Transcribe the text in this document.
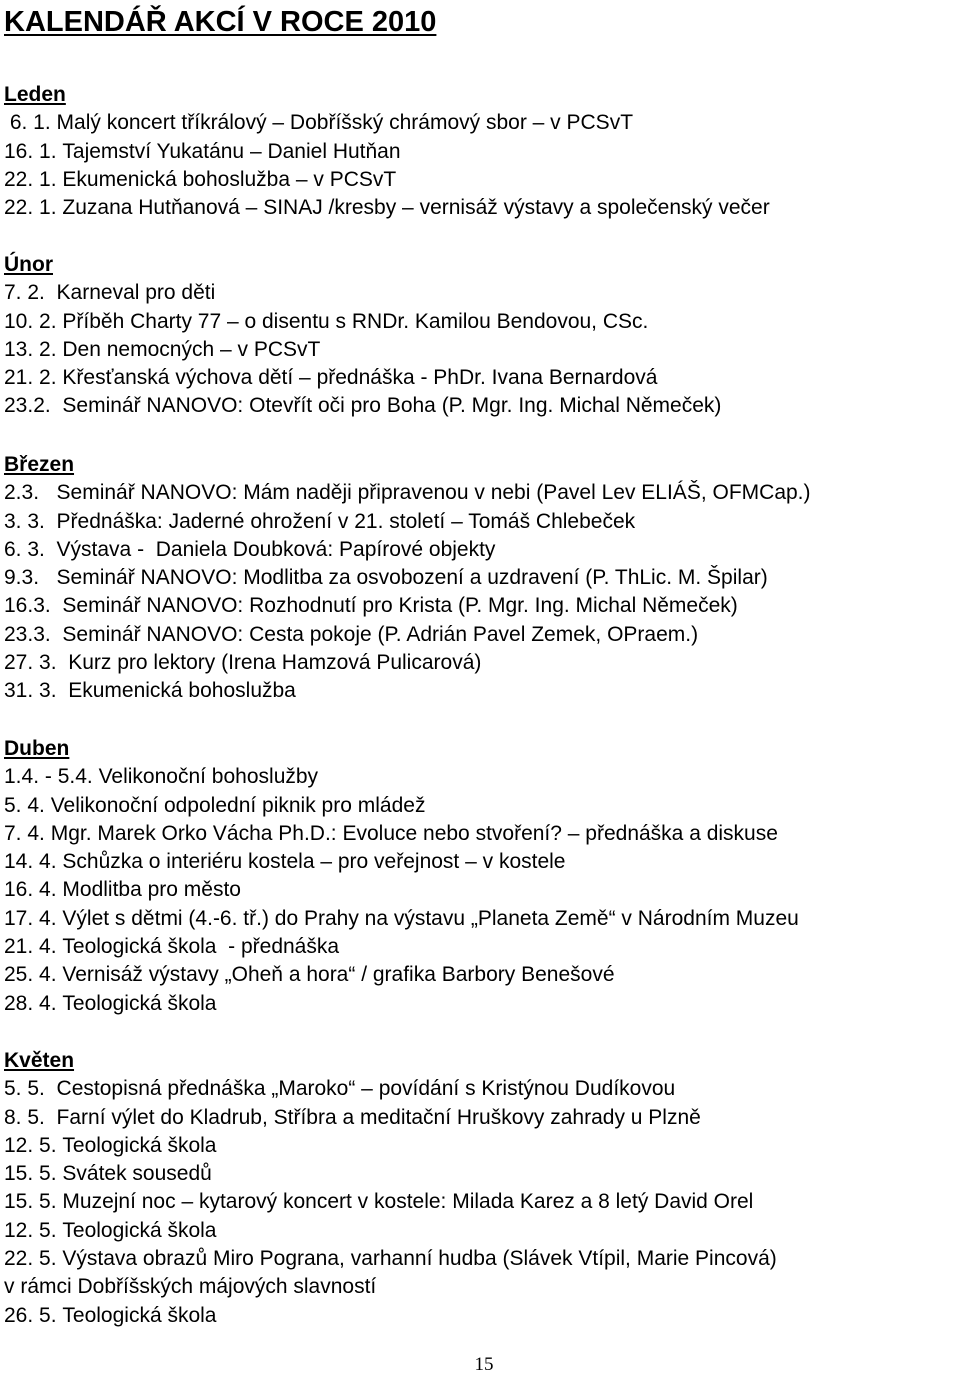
KALENDÁŘ AKCÍ V ROCE 2010
Leden
6. 1. Malý koncert tříkrálový – Dobříšský chrámový sbor – v PCSvT
16. 1. Tajemství Yukatánu – Daniel Hutňan
22. 1. Ekumenická bohoslužba – v PCSvT
22. 1. Zuzana Hutňanová – SINAJ /kresby – vernisáž výstavy a společenský večer
Únor
7. 2. Karneval pro děti
10. 2. Příběh Charty 77 – o disentu s RNDr. Kamilou Bendovou, CSc.
13. 2. Den nemocných – v PCSvT
21. 2. Křesťanská výchova dětí – přednáška - PhDr. Ivana Bernardová
23.2. Seminář NANOVO: Otevřít oči pro Boha (P. Mgr. Ing. Michal Němeček)
Březen
2.3. Seminář NANOVO: Mám naději připravenou v nebi (Pavel Lev ELIÁŠ, OFMCap.)
3. 3. Přednáška: Jaderné ohrožení v 21. století – Tomáš Chlebeček
6. 3. Výstava -  Daniela Doubková: Papírové objekty
9.3. Seminář NANOVO: Modlitba za osvobození a uzdravení (P. ThLic. M. Špilar)
16.3. Seminář NANOVO: Rozhodnutí pro Krista (P. Mgr. Ing. Michal Němeček)
23.3. Seminář NANOVO: Cesta pokoje (P. Adrián Pavel Zemek, OPraem.)
27. 3. Kurz pro lektory (Irena Hamzová Pulicarová)
31. 3. Ekumenická bohoslužba
Duben
1.4. - 5.4. Velikonoční bohoslužby
5. 4. Velikonoční odpolední piknik pro mládež
7. 4. Mgr. Marek Orko Vácha Ph.D.: Evoluce nebo stvoření? – přednáška a diskuse
14. 4. Schůzka o interiéru kostela – pro veřejnost – v kostele
16. 4. Modlitba pro město
17. 4. Výlet s dětmi (4.-6. tř.) do Prahy na výstavu „Planeta Země“ v Národním Muzeu
21. 4. Teologická škola  - přednáška
25. 4. Vernisáž výstavy „Oheň a hora“ / grafika Barbory Benešové
28. 4. Teologická škola
Květen
5. 5. Cestopisná přednáška „Maroko“ – povídání s Kristýnou Dudíkovou
8. 5. Farní výlet do Kladrub, Stříbra a meditační Hruškovy zahrady u Plzně
12. 5. Teologická škola
15. 5. Svátek sousedů
15. 5. Muzejní noc – kytarový koncert v kostele: Milada Karez a 8 letý David Orel
12. 5. Teologická škola
22. 5. Výstava obrazů Miro Pograna, varhanní hudba (Slávek Vtípil, Marie Pincová)
v rámci Dobříšských májových slavností
26. 5. Teologická škola
15
